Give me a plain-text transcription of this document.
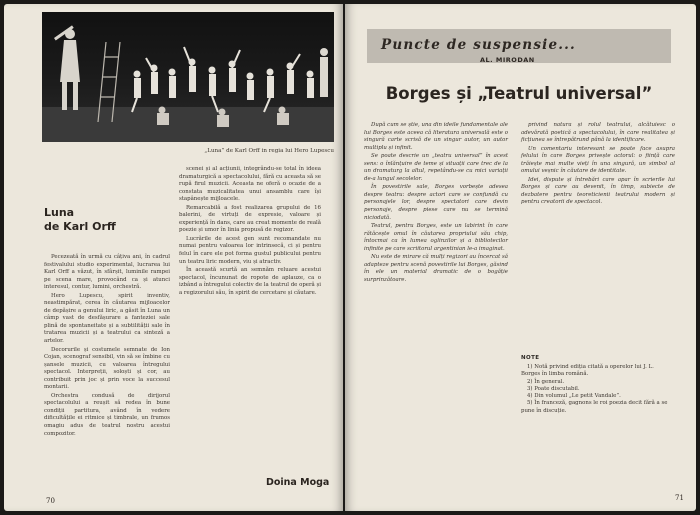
„Luna” de Karl Orff in regia lui Hero Lupescu
Luna
de Karl Orff

Pecezeată în urmă cu câțiva ani, în cadrul festivalului studio experimental, lucrarea lui Karl Orff a văzut, în sfârșit, luminile rampei pe scena mare, provocând ca și atunci interesul, contur, lumini, orchestră.

Hero Lupescu, spirit inventiv, neastimpărat, cerea în căutarea mijloacelor de depășire a genului liric, a găsit în Luna un câmp vast de desfășurare a fanteziei sale plină de spontaneitate și a subtilității sale în tratarea muzicii și a teatrului ca sinteză a artelor.

Decorurile și costumele semnate de Ion Cojan, scenograf sensibil, vin să se îmbine cu șansele muzicii, cu valoarea întregului spectacol. Interpreții, soloști și cor, au contribuit prin joc și prin voce la succesul montarii.

Orchestra condusă de dirijorul spectacolului a reușit să redea în bune condiții partitura, având în vedere dificultățile ei ritmice și timbrale, un frumos omagiu adus de teatrul nostru acestui compozitor.

scenei și al acțiunii, integrându-se total în ideea dramaturgică a spectacolului, fără cu aceasta să se rupă firul muzicii. Aceasta ne oferă o ocazie de a constata muzicalitatea unui ansamblu care își stapânește mijloacele.

Remarcabilă a fost realizarea grupului de 16 balerini, de virtuți de expresie, valoare și experiență în dans, care au creat momente de reală poezie și umor în linia propusă de regizor.

Lucrările de acest gen sunt recomandate nu numai pentru valoarea lor intrinsecă, ci și pentru felul în care ele pot forma gustul publicului pentru un teatru liric modern, viu și atractiv.

În această scurtă an semnăm reluare acestui spectacol, încununat de ropote de aplauze, ca o izbând a întregului colectiv de la teatrul de operă și a regizorului său, în spirit de cercetare și căutare.

Doina Moga
70
Puncte de suspensie...
AL. MIRODAN
Borges și „Teatrul universal”

După cum se știe, una din ideile fundamentale ale lui Borges este aceea că literatura universală este o singură carte scrisă de un singur autor, un autor multiplu și infinit.

Se poate descrie un „teatru universal” în acest sens: o înlănțuire de teme și situații care trec de la un dramaturg la altul, repetându-se cu mici variații de-a lungul secolelor.

În povestirile sale, Borges vorbește adesea despre teatru: despre actori care se confundă cu personajele lor, despre spectatori care devin personaje, despre piese care nu se termină niciodată.

Teatrul, pentru Borges, este un labirint în care rătăcește omul în căutarea propriului său chip, întocmai ca în lumea oglinzilor și a bibliotecilor infinite pe care scriitorul argentinian le-a imaginat.

Nu este de mirare că mulți regizori au încercat să adapteze pentru scenă povestirile lui Borges, găsind în ele un material dramatic de o bogăție surprinzătoare.

privind natura și rolul teatrului, alcătuiesc o adevărată poetică a spectacolului, în care realitatea și ficțiunea se întrepătrund până la identificare.

Un comentariu interesant se poate face asupra felului în care Borges privește actorul: o ființă care trăiește mai multe vieți în una singură, un simbol al omului veșnic în căutare de identitate.

Idei, dispute și întrebări care apar în scrierile lui Borges și care au devenit, în timp, subiecte de dezbatere pentru teoreticienii teatrului modern și pentru creatorii de spectacol.

NOTE
1) Notă privind ediția citată a operelor lui J. L. Borges în limba română.
2) În general.
3) Poate discutabil.
4) Din volumul „Le petit Vandale”.
5) În franceză, gagnons le roi poezia decit fără a se pune în discuție.
71
